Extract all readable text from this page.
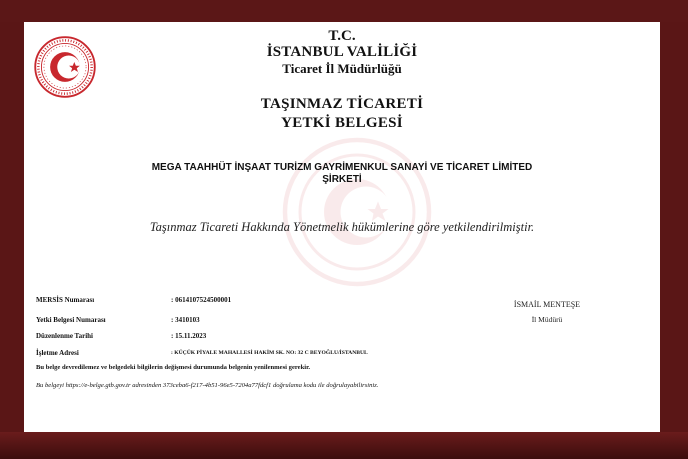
T.C.
İSTANBUL VALİLİĞİ
Ticaret İl Müdürlüğü
TAŞINMAZ TİCARETİ
YETKİ BELGESİ
MEGA TAAHHÜT İNŞAAT TURİZM GAYRİMENKUL SANAYİ VE TİCARET LİMİTED
ŞİRKETİ
Taşınmaz Ticareti Hakkında Yönetmelik hükümlerine göre yetkilendirilmiştir.
MERSİS Numarası	: 0614107524500001
Yetki Belgesi Numarası	: 3410103
Düzenlenme Tarihi	: 15.11.2023
İşletme Adresi	: KÜÇÜK PİYALE MAHALLESİ HAKİM SK. NO: 32 C BEYOĞLU/İSTANBUL
Bu belge devredilemez ve belgedeki bilgilerin değişmesi durumunda belgenin yenilenmesi gerekir.
Bu belgeyi https://e-belge.gtb.gov.tr adresinden 373ceba6-f217-4b51-96e5-7204a77fdcf1 doğrulama kodu ile doğrulayabilirsiniz.
İSMAİL MENTEŞE
İl Müdürü
